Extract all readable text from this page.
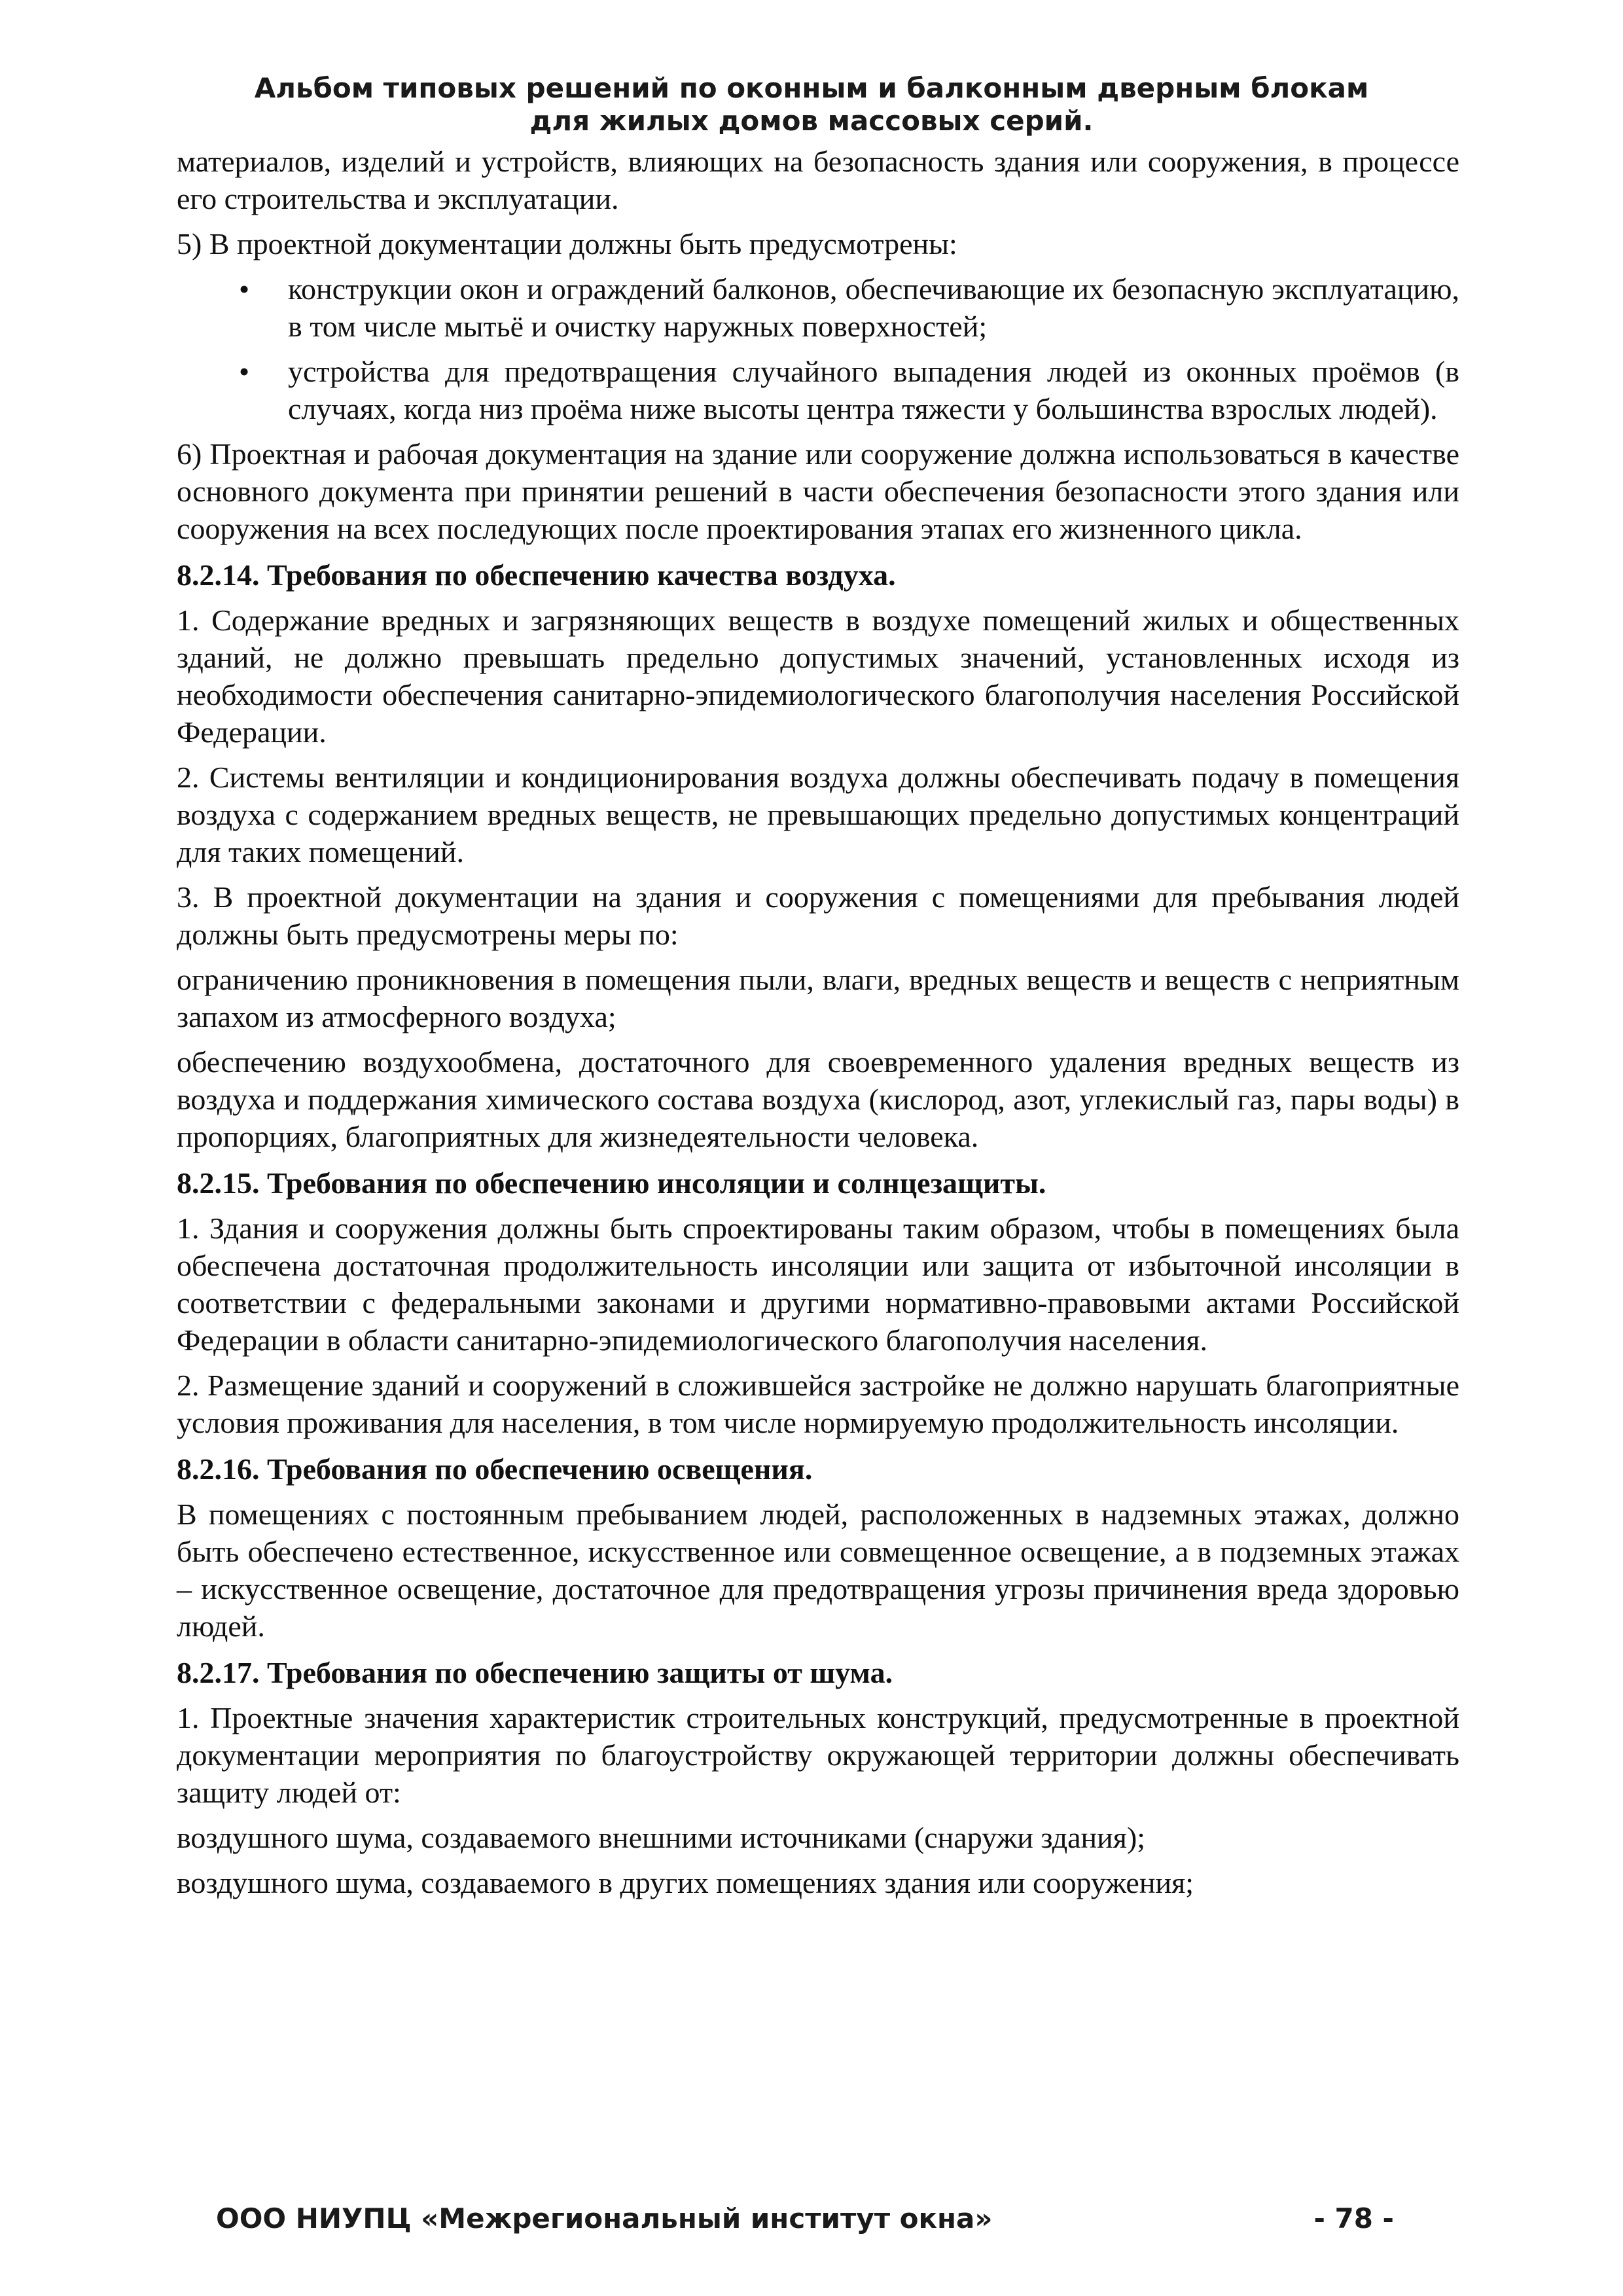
Альбом типовых решений по оконным и балконным дверным блокам
для жилых домов массовых серий.

материалов, изделий и устройств, влияющих на безопасность здания или сооружения, в процессе его строительства и эксплуатации.

5) В проектной документации должны быть предусмотрены:

• конструкции окон и ограждений балконов, обеспечивающие их безопасную эксплуатацию, в том числе мытьё и очистку наружных поверхностей;
• устройства для предотвращения случайного выпадения людей из оконных проёмов (в случаях, когда низ проёма ниже высоты центра тяжести у большинства взрослых людей).

6) Проектная и рабочая документация на здание или сооружение должна использоваться в качестве основного документа при принятии решений в части обеспечения безопасности этого здания или сооружения на всех последующих после проектирования этапах его жизненного цикла.

8.2.14. Требования по обеспечению качества воздуха.

1. Содержание вредных и загрязняющих веществ в воздухе помещений жилых и общественных зданий, не должно превышать предельно допустимых значений, установленных исходя из необходимости обеспечения санитарно-эпидемиологического благополучия населения Российской Федерации.

2. Системы вентиляции и кондиционирования воздуха должны обеспечивать подачу в помещения воздуха с содержанием вредных веществ, не превышающих предельно допустимых концентраций для таких помещений.

3. В проектной документации на здания и сооружения с помещениями для пребывания людей должны быть предусмотрены меры по:

ограничению проникновения в помещения пыли, влаги, вредных веществ и веществ с неприятным запахом из атмосферного воздуха;

обеспечению воздухообмена, достаточного для своевременного удаления вредных веществ из воздуха и поддержания химического состава воздуха (кислород, азот, углекислый газ, пары воды) в пропорциях, благоприятных для жизнедеятельности человека.

8.2.15. Требования по обеспечению инсоляции и солнцезащиты.

1. Здания и сооружения должны быть спроектированы таким образом, чтобы в помещениях была обеспечена достаточная продолжительность инсоляции или защита от избыточной инсоляции в соответствии с федеральными законами и другими нормативно-правовыми актами Российской Федерации в области санитарно-эпидемиологического благополучия населения.

2. Размещение зданий и сооружений в сложившейся застройке не должно нарушать благоприятные условия проживания для населения, в том числе нормируемую продолжительность инсоляции.

8.2.16. Требования по обеспечению освещения.

В помещениях с постоянным пребыванием людей, расположенных в надземных этажах, должно быть обеспечено естественное, искусственное или совмещенное освещение, а в подземных этажах – искусственное освещение, достаточное для предотвращения угрозы причинения вреда здоровью людей.

8.2.17. Требования по обеспечению защиты от шума.

1. Проектные значения характеристик строительных конструкций, предусмотренные в проектной документации мероприятия по благоустройству окружающей территории должны обеспечивать защиту людей от:

воздушного шума, создаваемого внешними источниками (снаружи здания);

воздушного шума, создаваемого в других помещениях здания или сооружения;

ООО НИУПЦ «Межрегиональный институт окна»	- 78 -
